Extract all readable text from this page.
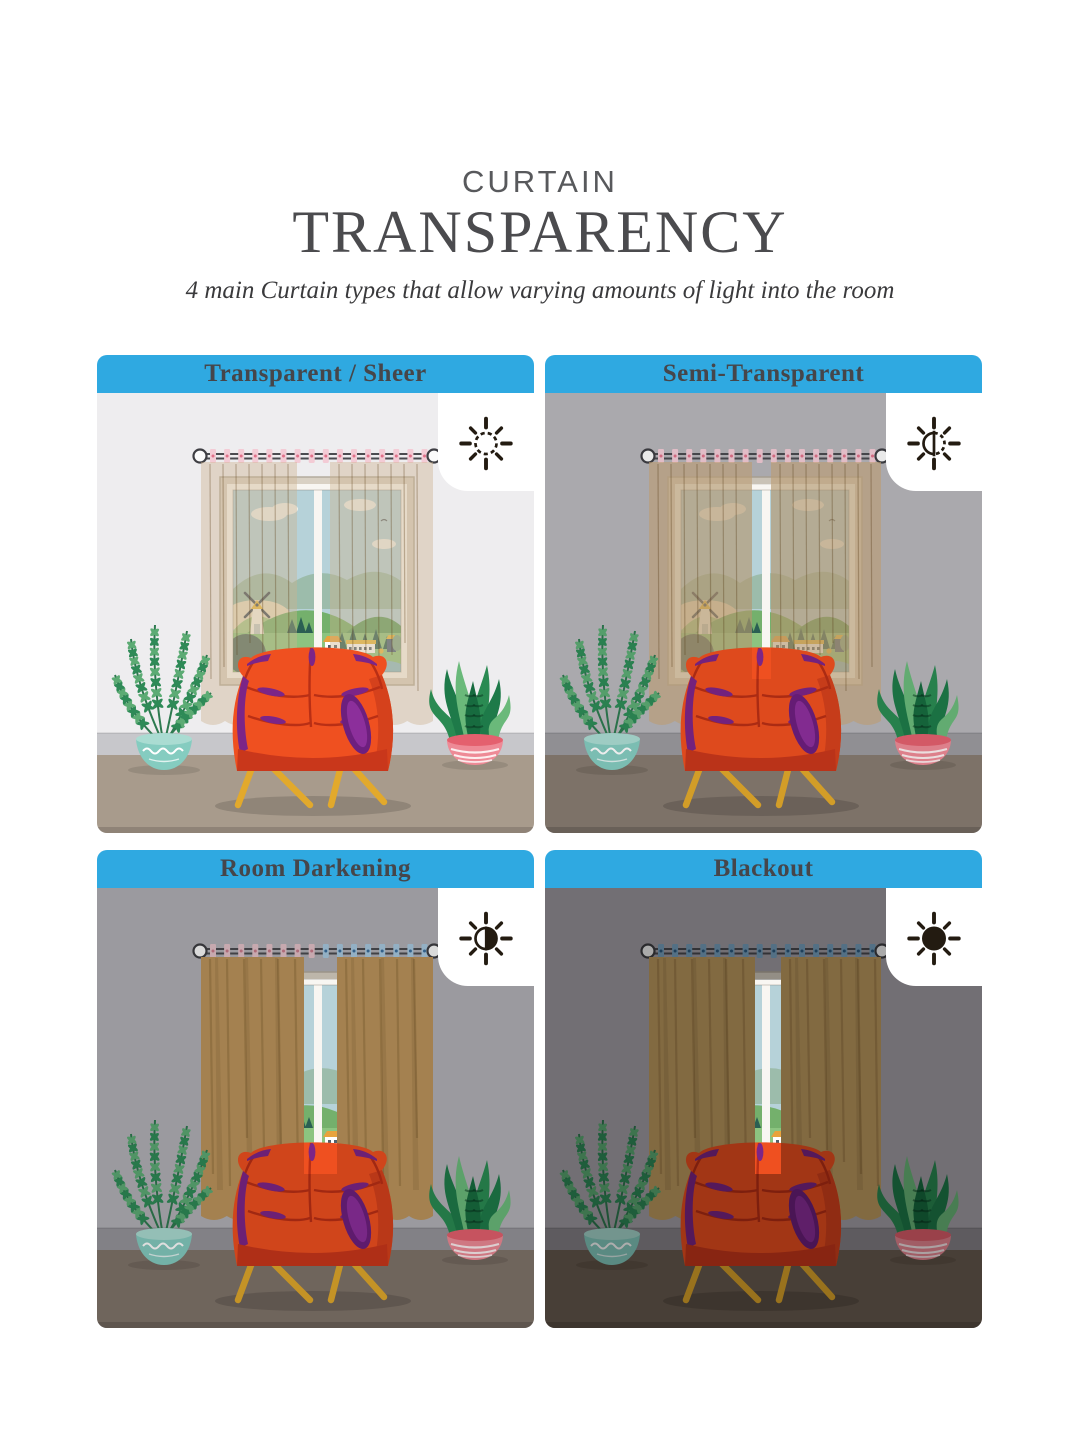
CURTAIN
TRANSPARENCY

4 main Curtain types that allow varying amounts of light into the room

Transparent / Sheer	Semi-Transparent
Room Darkening	Blackout
